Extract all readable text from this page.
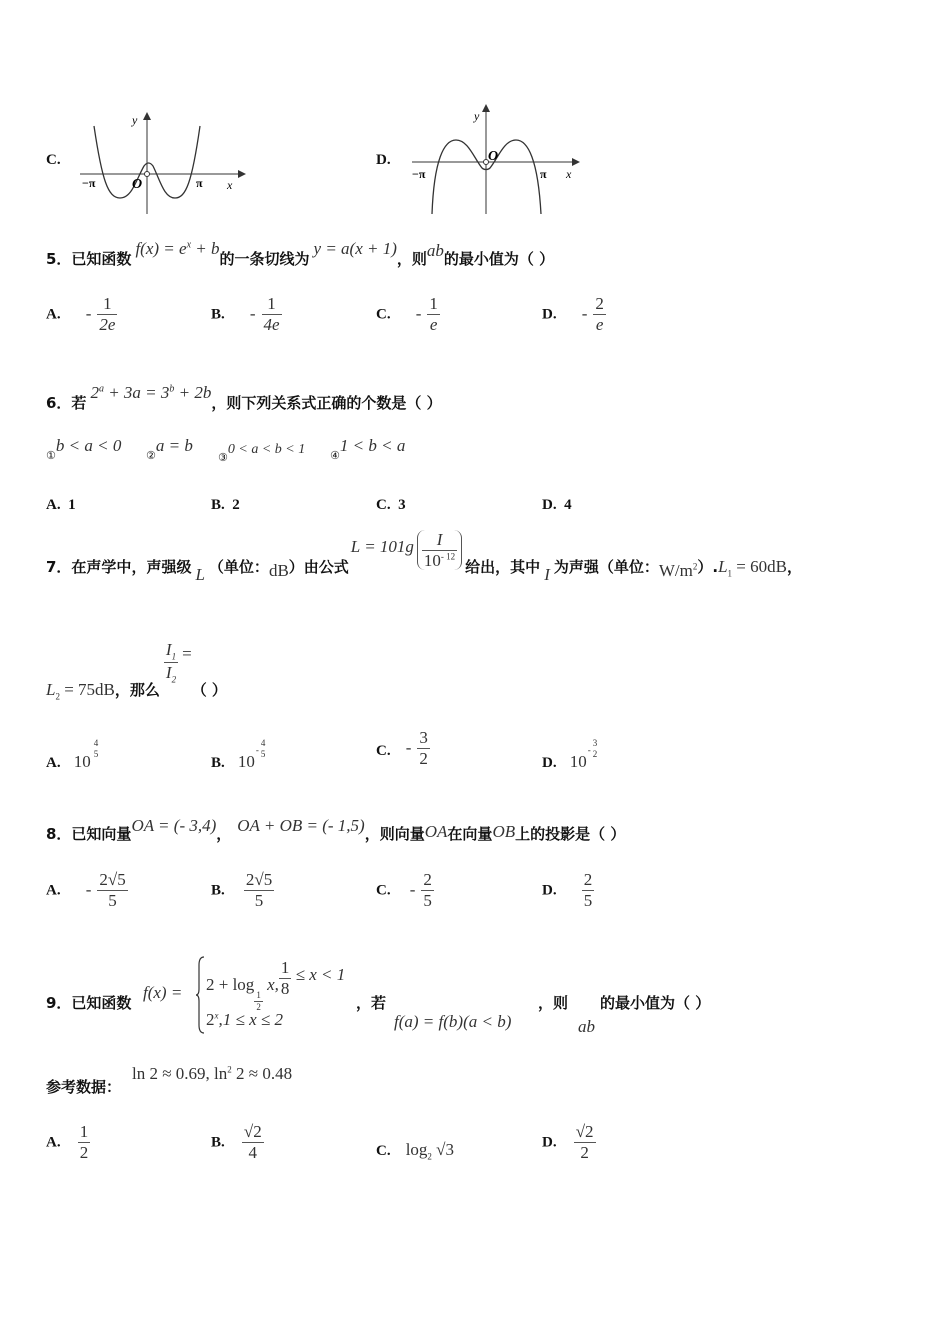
C.
y
x
O
−π	π
D.
y
x
O
−π	π
5．已知函数$f(x) = e^x + b$的一条切线为y = a(x + 1)，则ab的最小值为（ ）
A. - $\frac{1}{2e}$	B. - $\frac{1}{4e}$	C. - $\frac{1}{e}$	D. - $\frac{2}{e}$
6．若$2^a + 3a = 3^b + 2b$，则下列关系式正确的个数是（ ）
$_①$b < a < 0
$_②$a = b
$_③$0 < a < b < 1 $_④$1 < b < a
A. 1	B. 2	C. 3	D. 4
7．在声学中，声强级 L （单位：dB）由公式$L = 101g \frac{I}{10^{- 12}}$ 给出，其中 I 为声强（单位：$W/m^2).L_1 = 60dB$，
$L_2 = 75dB$，那么
$\frac{I_1}{I_2}$ =（ ）
A. 10
4
5
B. 10-
4
5	C. - $\frac{3}{2}$	D. 10-
3
2
8．已知向量OA = (- 3,4)， OA + OB = (- 1,5)，则向量OA在向量OB上的投影是（ ）
A. - $\frac{2√5}{5}$	B. $\frac{2√5}{5}$	C. - $\frac{2}{5}$	D. $\frac{2}{5}$
9．已知函数
f(x) = 2 + log
$\frac{1}{2}$
x, $\frac{1}{8} \le x < 1$
$2^x,1 \le x \le 2$
，若
f(a) = f(b)(a < b)
，则
ab
的最小值为（ ）
参考数据：
ln 2 ≈ 0.69, $\ln^2 2 \approx 0.48$
A. $\frac{1}{2}$	B. $\frac{√2}{4}$	C. $\log_2 √3$	D. $\frac{√2}{2}$
